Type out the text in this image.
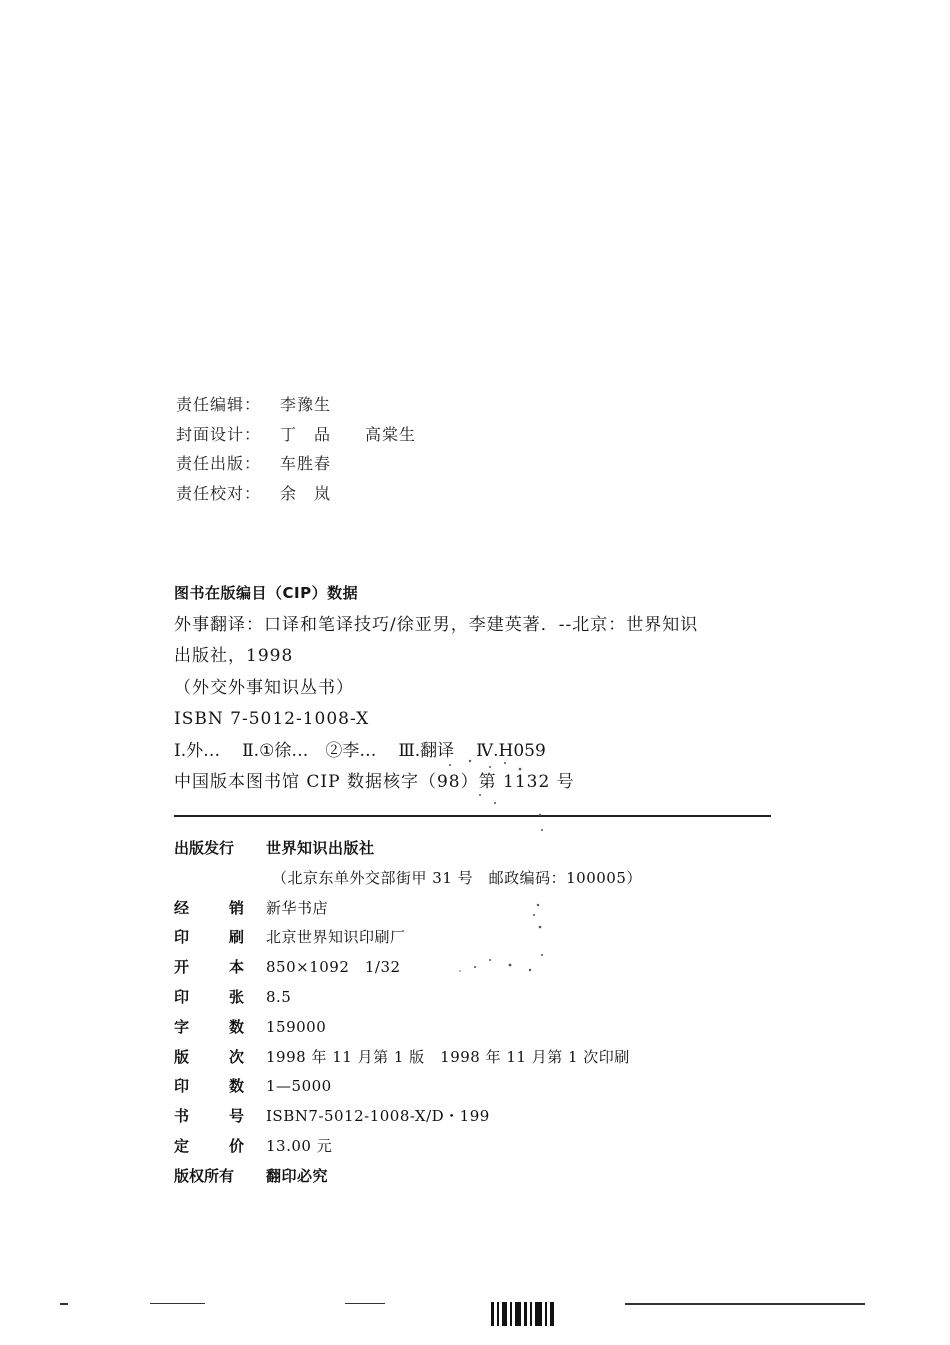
责任编辑：	李豫生
封面设计：	丁　品　　高棠生
责任出版：	车胜春
责任校对：	余　岚
图书在版编目（CIP）数据
外事翻译：口译和笔译技巧/徐亚男，李建英著．--北京：世界知识
出版社，1998
（外交外事知识丛书）
ISBN 7-5012-1008-X
Ⅰ.外… Ⅱ.①徐…　②李… Ⅲ.翻译 Ⅳ.H059
中国版本图书馆 CIP 数据核字（98）第 1132 号
出版发行	世界知识出版社
（北京东单外交部街甲 31 号　邮政编码：100005）
经	销 新华书店
印	刷 北京世界知识印刷厂
开	本 850×1092　1/32
印	张 8.5
字	数 159000
版	次 1998 年 11 月第 1 版　1998 年 11 月第 1 次印刷
印	数 1—5000
书	号 ISBN7-5012-1008-X/D・199
定	价 13.00 元
版权所有	翻印必究
